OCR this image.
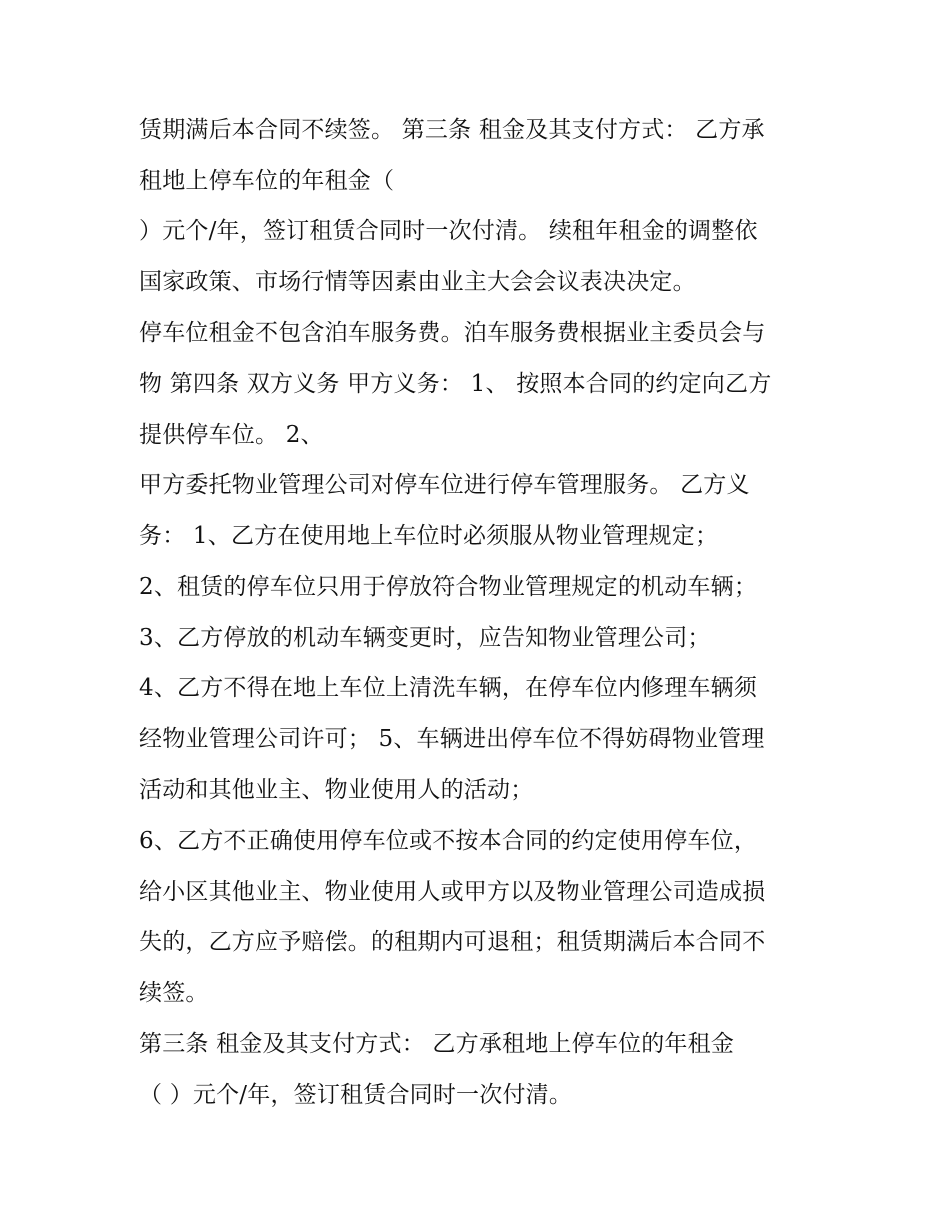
赁期满后本合同不续签。 第三条 租金及其支付方式： 乙方承
租地上停车位的年租金（
）元个/年，签订租赁合同时一次付清。 续租年租金的调整依
国家政策、市场行情等因素由业主大会会议表决决定。
停车位租金不包含泊车服务费。泊车服务费根据业主委员会与
物 第四条 双方义务 甲方义务： 1、 按照本合同的约定向乙方
提供停车位。 2、
甲方委托物业管理公司对停车位进行停车管理服务。 乙方义
务： 1、乙方在使用地上车位时必须服从物业管理规定；
2、租赁的停车位只用于停放符合物业管理规定的机动车辆；
3、乙方停放的机动车辆变更时，应告知物业管理公司；
4、乙方不得在地上车位上清洗车辆，在停车位内修理车辆须
经物业管理公司许可； 5、车辆进出停车位不得妨碍物业管理
活动和其他业主、物业使用人的活动；
6、乙方不正确使用停车位或不按本合同的约定使用停车位，
给小区其他业主、物业使用人或甲方以及物业管理公司造成损
失的，乙方应予赔偿。的租期内可退租；租赁期满后本合同不
续签。
第三条 租金及其支付方式： 乙方承租地上停车位的年租金
（ ）元个/年，签订租赁合同时一次付清。
